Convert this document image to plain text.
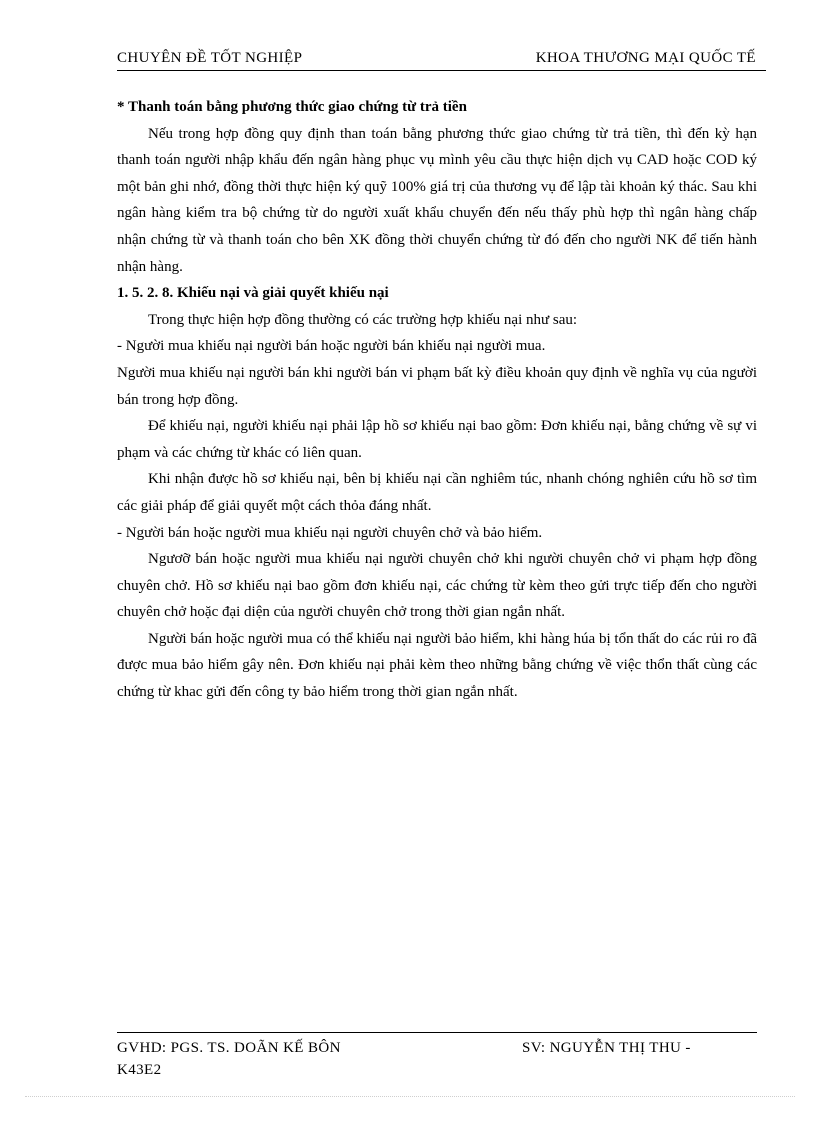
CHUYÊN ĐỀ TỐT NGHIỆP	KHOA THƯƠNG MẠI QUỐC TẾ

* Thanh toán bằng phương thức giao chứng từ trả tiền

Nếu trong hợp đồng quy định than toán bằng phương thức giao chứng từ trả tiền, thì đến kỳ hạn thanh toán người nhập khẩu đến ngân hàng phục vụ mình yêu cầu thực hiện dịch vụ CAD hoặc COD ký một bản ghi nhớ, đồng thời thực hiện ký quỹ 100% giá trị của thương vụ để lập tài khoản ký thác. Sau khi ngân hàng kiểm tra bộ chứng từ do người xuất khẩu chuyển đến nếu thấy phù hợp thì ngân hàng chấp nhận chứng từ và thanh toán cho bên XK đồng thời chuyển chứng từ đó đến cho người NK để tiến hành nhận hàng.

1. 5. 2. 8. Khiếu nại và giải quyết khiếu nại

Trong thực hiện hợp đồng thường có các trường hợp khiếu nại như sau:

- Người mua khiếu nại người bán hoặc người bán khiếu nại người mua.

Người mua khiếu nại người bán khi người bán vi phạm bất kỳ điều khoản quy định về nghĩa vụ của người bán trong hợp đồng.

Để khiếu nại, người khiếu nại phải lập hồ sơ khiếu nại bao gồm: Đơn khiếu nại, bằng chứng về sự vi phạm và các chứng từ khác có liên quan.

Khi nhận được hồ sơ khiếu nại, bên bị khiếu nại cần nghiêm túc, nhanh chóng nghiên cứu hồ sơ tìm các giải pháp để giải quyết một cách thỏa đáng nhất.

- Người bán hoặc người mua khiếu nại người chuyên chở và bảo hiểm.

Ngươỡ bán hoặc người mua khiếu nại người chuyên chở khi người chuyên chở vi phạm hợp đồng chuyên chở. Hồ sơ khiếu nại bao gồm đơn khiếu nại, các chứng từ kèm theo gửi trực tiếp đến cho người chuyên chở hoặc đại diện của người chuyên chở trong thời gian ngắn nhất.

Người bán hoặc người mua có thể khiếu nại người bảo hiểm, khi hàng húa bị tổn thất do các rủi ro đã được mua bảo hiểm gây nên. Đơn khiếu nại phải kèm theo những bằng chứng về việc thổn thất cùng các chứng từ khac gửi đến công ty bảo hiểm trong thời gian ngắn nhất.

GVHD: PGS. TS. DOÃN KẾ BÔN	SV: NGUYỄN THỊ THU -
K43E2
